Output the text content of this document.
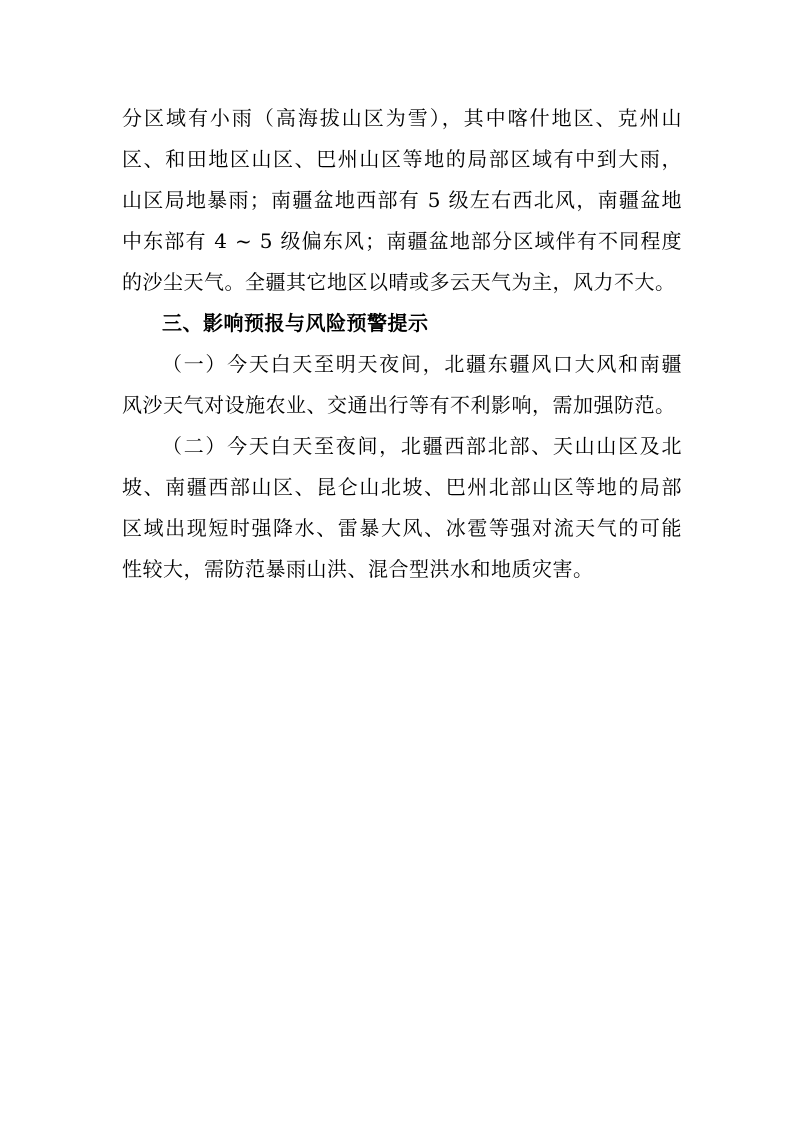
分区域有小雨（高海拔山区为雪），其中喀什地区、克州山
区、和田地区山区、巴州山区等地的局部区域有中到大雨，
山区局地暴雨；南疆盆地西部有 5 级左右西北风，南疆盆地
中东部有 4 ~ 5 级偏东风；南疆盆地部分区域伴有不同程度
的沙尘天气。全疆其它地区以晴或多云天气为主，风力不大。
三、影响预报与风险预警提示
（一）今天白天至明天夜间，北疆东疆风口大风和南疆
风沙天气对设施农业、交通出行等有不利影响，需加强防范。
（二）今天白天至夜间，北疆西部北部、天山山区及北
坡、南疆西部山区、昆仑山北坡、巴州北部山区等地的局部
区域出现短时强降水、雷暴大风、冰雹等强对流天气的可能
性较大，需防范暴雨山洪、混合型洪水和地质灾害。
